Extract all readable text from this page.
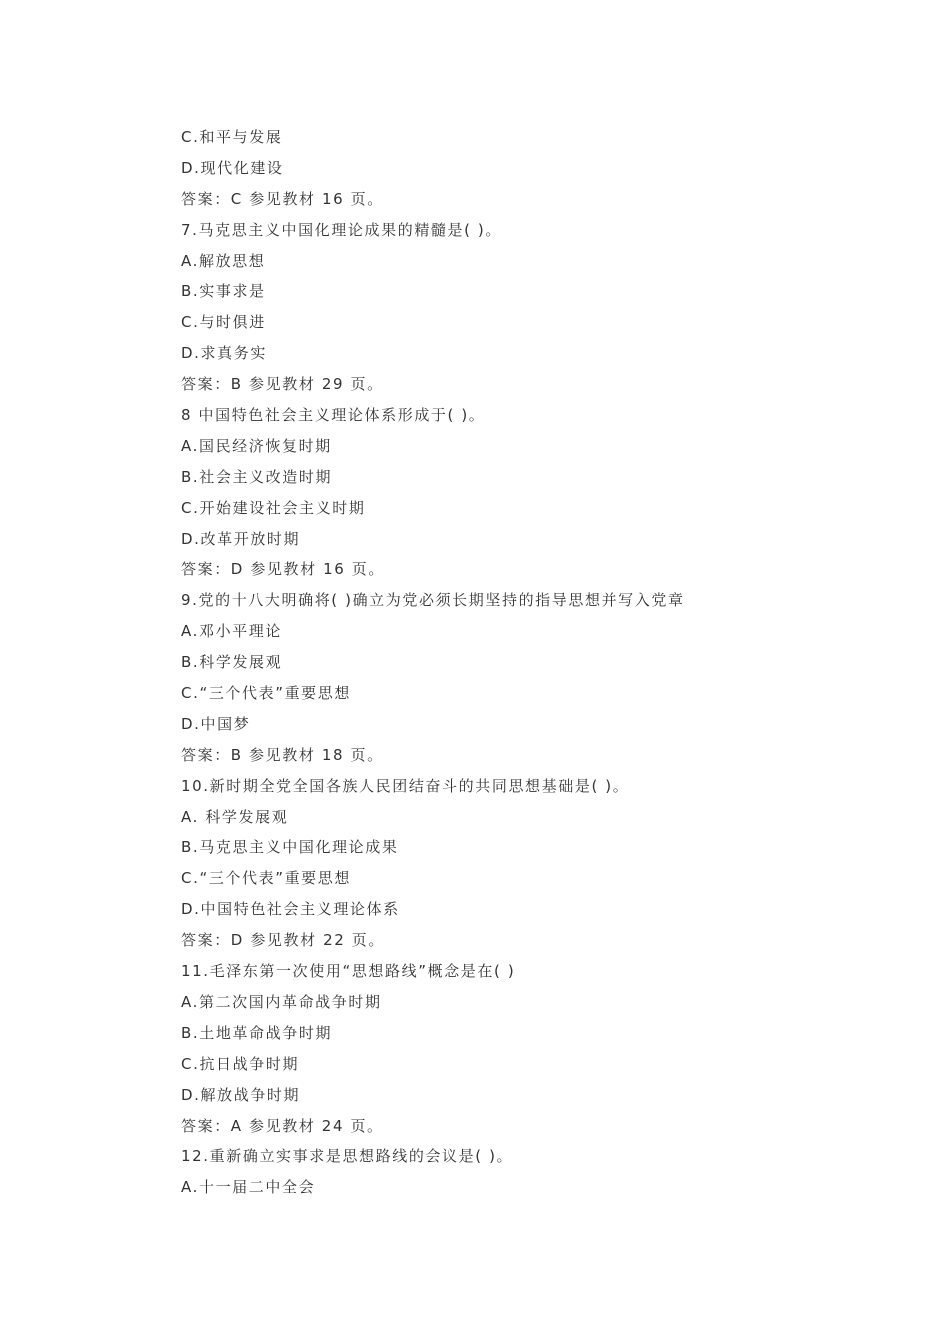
C.和平与发展
D.现代化建设
答案：C 参见教材 16 页。
7.马克思主义中国化理论成果的精髓是( )。
A.解放思想
B.实事求是
C.与时俱进
D.求真务实
答案：B 参见教材 29 页。
8 中国特色社会主义理论体系形成于( )。
A.国民经济恢复时期
B.社会主义改造时期
C.开始建设社会主义时期
D.改革开放时期
答案：D 参见教材 16 页。
9.党的十八大明确将( )确立为党必须长期坚持的指导思想并写入党章
A.邓小平理论
B.科学发展观
C.“三个代表”重要思想
D.中国梦
答案：B 参见教材 18 页。
10.新时期全党全国各族人民团结奋斗的共同思想基础是( )。
A. 科学发展观
B.马克思主义中国化理论成果
C.“三个代表”重要思想
D.中国特色社会主义理论体系
答案：D 参见教材 22 页。
11.毛泽东第一次使用“思想路线”概念是在( )
A.第二次国内革命战争时期
B.土地革命战争时期
C.抗日战争时期
D.解放战争时期
答案：A 参见教材 24 页。
12.重新确立实事求是思想路线的会议是( )。
A.十一届二中全会
